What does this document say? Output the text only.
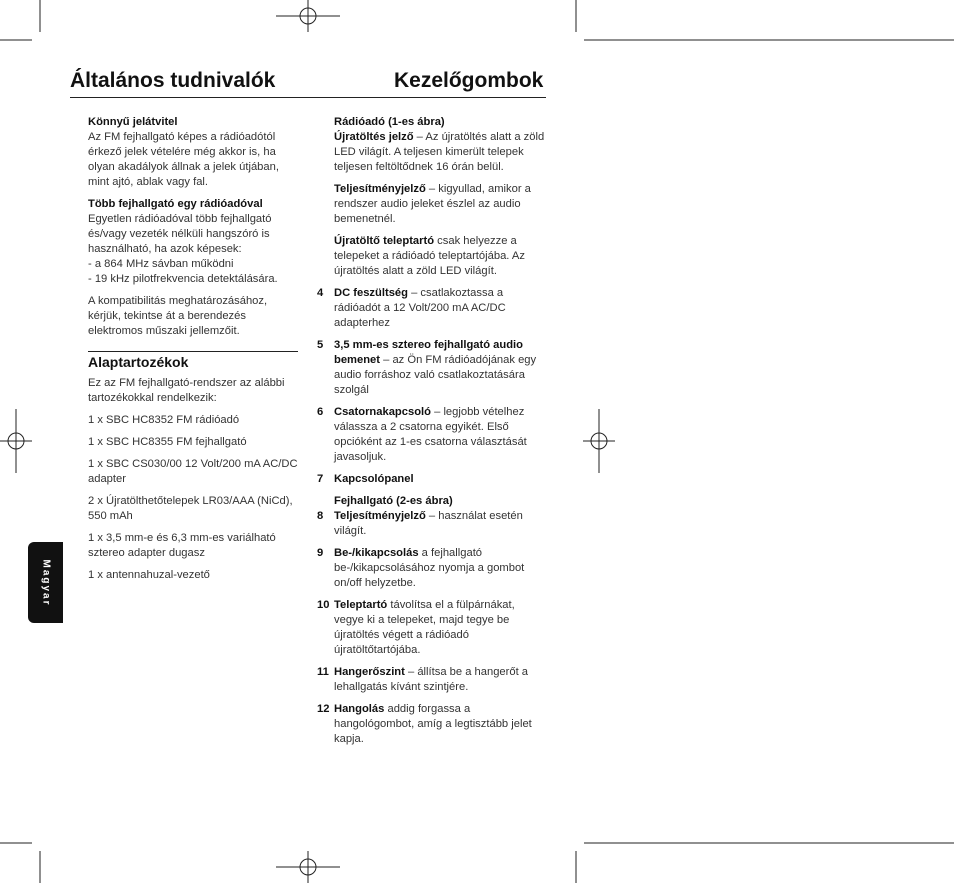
Általános tudnivalók	Kezelőgombok

Könnyű jelátvitel
Az FM fejhallgató képes a rádióadótól érkező jelek vételére még akkor is, ha olyan akadályok állnak a jelek útjában, mint ajtó, ablak vagy fal.

Több fejhallgató egy rádióadóval
Egyetlen rádióadóval több fejhallgató és/vagy vezeték nélküli hangszóró is használható, ha azok képesek:
- a 864 MHz sávban működni
- 19 kHz pilotfrekvencia detektálására.

A kompatibilitás meghatározásához, kérjük, tekintse át a berendezés elektromos műszaki jellemzőit.

Alaptartozékok

Ez az FM fejhallgató-rendszer az alábbi tartozékokkal rendelkezik:

1 x SBC HC8352 FM rádióadó

1 x SBC HC8355 FM fejhallgató

1 x SBC CS030/00 12 Volt/200 mA AC/DC adapter

2 x Újratölthetőtelepek LR03/AAA (NiCd), 550 mAh

1 x 3,5 mm-e és 6,3 mm-es variálható sztereo adapter dugasz

1 x antennahuzal-vezető

Rádióadó (1-es ábra)
Újratöltés jelző – Az újratöltés alatt a zöld LED világít. A teljesen kimerült telepek teljesen feltöltődnek 16 órán belül.
Teljesítményjelző – kigyullad, amikor a rendszer audio jeleket észlel az audio bemenetnél.
Újratöltő teleptartó csak helyezze a telepeket a rádióadó teleptartójába. Az újratöltés alatt a zöld LED világít.
4 DC feszültség – csatlakoztassa a rádióadót a 12 Volt/200 mA AC/DC adapterhez
5 3,5 mm-es sztereo fejhallgató audio bemenet – az Ön FM rádióadójának egy audio forráshoz való csatlakoztatására szolgál
6 Csatornakapcsoló – legjobb vételhez válassza a 2 csatorna egyikét. Első opcióként az 1-es csatorna választását javasoljuk.
7 Kapcsolópanel
Fejhallgató (2-es ábra)
8 Teljesítményjelző – használat esetén világít.
9 Be-/kikapcsolás a fejhallgató be-/kikapcsolásához nyomja a gombot on/off helyzetbe.
10 Teleptartó távolítsa el a fülpárnákat, vegye ki a telepeket, majd tegye be újratöltés végett a rádióadó újratöltőtartójába.
11 Hangerőszint – állítsa be a hangerőt a lehallgatás kívánt szintjére.
12 Hangolás addig forgassa a hangológombot, amíg a legtisztább jelet kapja.
Magyar
